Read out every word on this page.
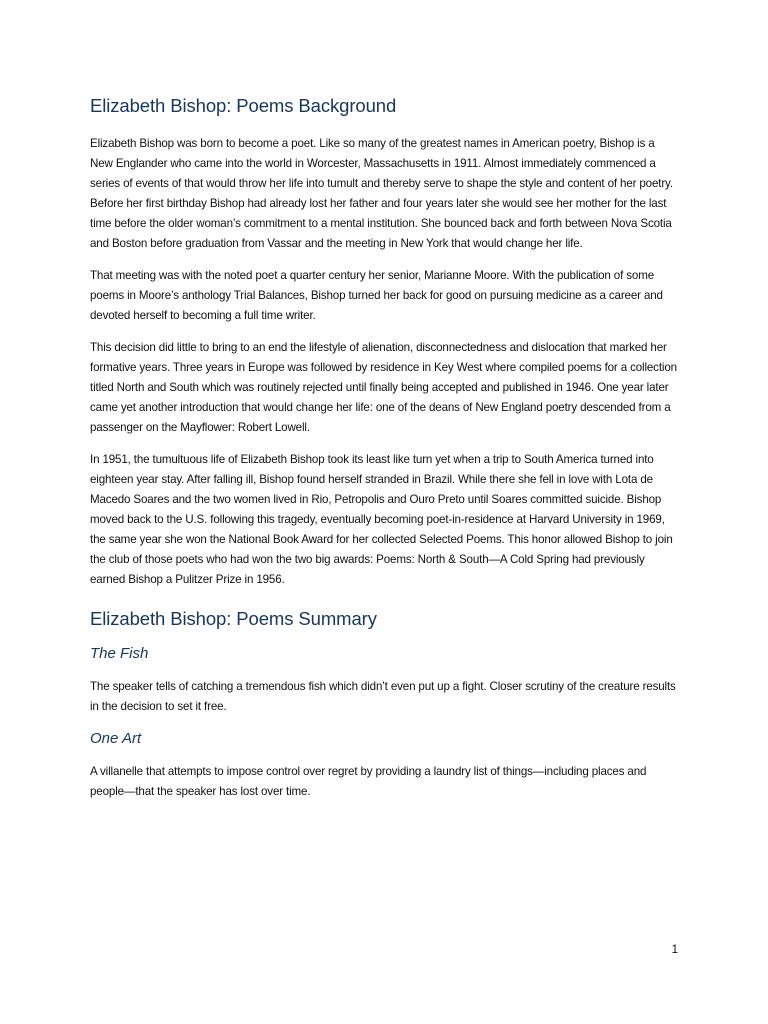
Elizabeth Bishop: Poems Background

Elizabeth Bishop was born to become a poet. Like so many of the greatest names in American poetry, Bishop is a New Englander who came into the world in Worcester, Massachusetts in 1911. Almost immediately commenced a series of events of that would throw her life into tumult and thereby serve to shape the style and content of her poetry. Before her first birthday Bishop had already lost her father and four years later she would see her mother for the last time before the older woman’s commitment to a mental institution. She bounced back and forth between Nova Scotia and Boston before graduation from Vassar and the meeting in New York that would change her life.

That meeting was with the noted poet a quarter century her senior, Marianne Moore. With the publication of some poems in Moore’s anthology Trial Balances, Bishop turned her back for good on pursuing medicine as a career and devoted herself to becoming a full time writer.

This decision did little to bring to an end the lifestyle of alienation, disconnectedness and dislocation that marked her formative years. Three years in Europe was followed by residence in Key West where compiled poems for a collection titled North and South which was routinely rejected until finally being accepted and published in 1946. One year later came yet another introduction that would change her life: one of the deans of New England poetry descended from a passenger on the Mayflower: Robert Lowell.

In 1951, the tumultuous life of Elizabeth Bishop took its least like turn yet when a trip to South America turned into eighteen year stay. After falling ill, Bishop found herself stranded in Brazil. While there she fell in love with Lota de Macedo Soares and the two women lived in Rio, Petropolis and Ouro Preto until Soares committed suicide. Bishop moved back to the U.S. following this tragedy, eventually becoming poet-in-residence at Harvard University in 1969, the same year she won the National Book Award for her collected Selected Poems. This honor allowed Bishop to join the club of those poets who had won the two big awards: Poems: North & South—A Cold Spring had previously earned Bishop a Pulitzer Prize in 1956.

Elizabeth Bishop: Poems Summary
The Fish

The speaker tells of catching a tremendous fish which didn’t even put up a fight. Closer scrutiny of the creature results in the decision to set it free.

One Art

A villanelle that attempts to impose control over regret by providing a laundry list of things—including places and people—that the speaker has lost over time.

1
